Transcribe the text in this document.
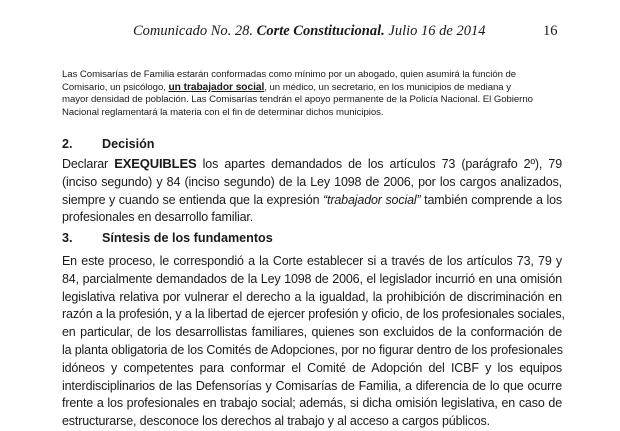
Comunicado No. 28. Corte Constitucional. Julio 16 de 2014	16
Las Comisarías de Familia estarán conformadas como mínimo por un abogado, quien asumirá la función de
Comisario, un psicólogo, un trabajador social, un médico, un secretario, en los municipios de mediana y
mayor densidad de población. Las Comisarías tendrán el apoyo permanente de la Policía Nacional. El Gobierno
Nacional reglamentará la materia con el fin de determinar dichos municipios.
2. Decisión
Declarar EXEQUIBLES los apartes demandados de los artículos 73 (parágrafo 2º), 79
(inciso segundo) y 84 (inciso segundo) de la Ley 1098 de 2006, por los cargos analizados,
siempre y cuando se entienda que la expresión “trabajador social” también comprende a los
profesionales en desarrollo familiar.
3. Síntesis de los fundamentos
En este proceso, le correspondió a la Corte establecer si a través de los artículos 73, 79 y
84, parcialmente demandados de la Ley 1098 de 2006, el legislador incurrió en una omisión
legislativa relativa por vulnerar el derecho a la igualdad, la prohibición de discriminación en
razón a la profesión, y a la libertad de ejercer profesión y oficio, de los profesionales sociales,
en particular, de los desarrollistas familiares, quienes son excluidos de la conformación de
la planta obligatoria de los Comités de Adopciones, por no figurar dentro de los profesionales
idóneos y competentes para conformar el Comité de Adopción del ICBF y los equipos
interdisciplinarios de las Defensorías y Comisarías de Familia, a diferencia de lo que ocurre
frente a los profesionales en trabajo social; además, si dicha omisión legislativa, en caso de
estructurarse, desconoce los derechos al trabajo y al acceso a cargos públicos.
